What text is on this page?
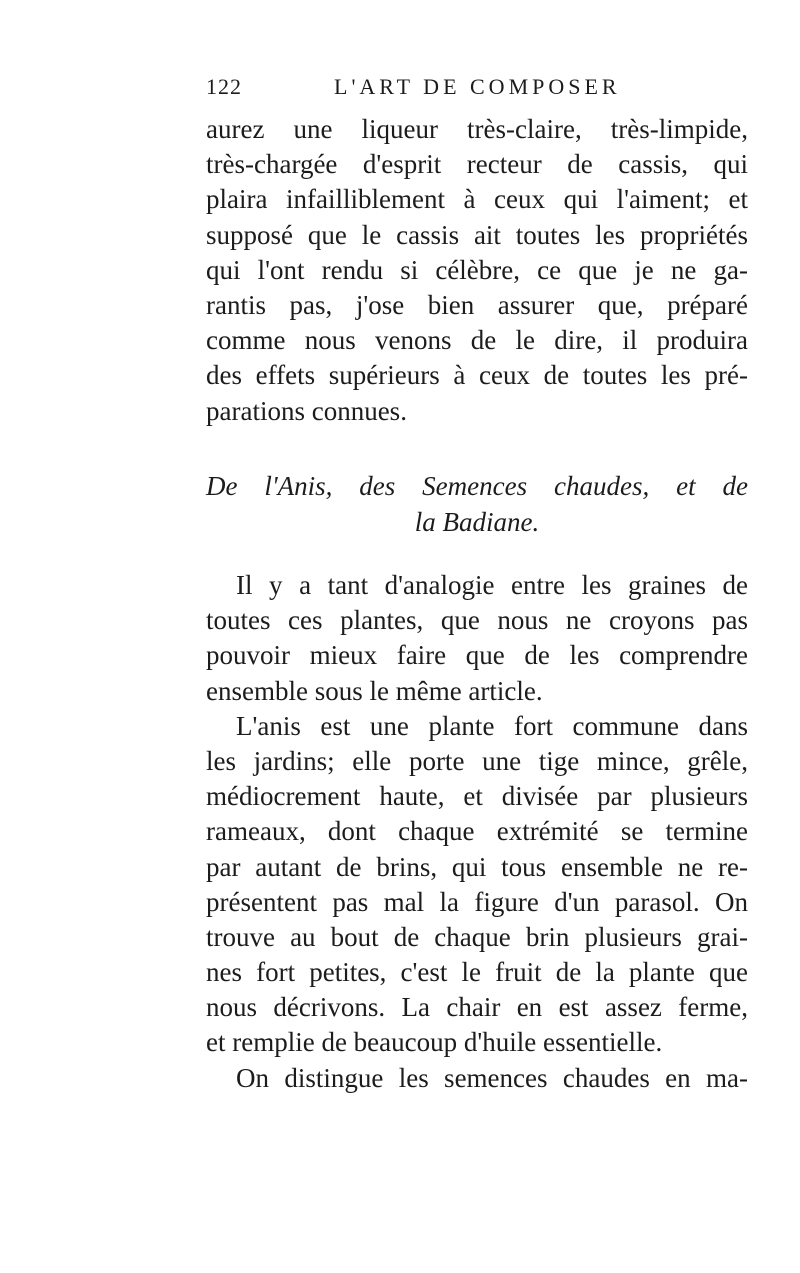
122	L'ART DE COMPOSER
aurez une liqueur très-claire, très-limpide,
très-chargée d'esprit recteur de cassis, qui
plaira infailliblement à ceux qui l'aiment; et
supposé que le cassis ait toutes les propriétés
qui l'ont rendu si célèbre, ce que je ne ga-
rantis pas, j'ose bien assurer que, préparé
comme nous venons de le dire, il produira
des effets supérieurs à ceux de toutes les pré-
parations connues.
De l'Anis, des Semences chaudes, et de
la Badiane.
Il y a tant d'analogie entre les graines de
toutes ces plantes, que nous ne croyons pas
pouvoir mieux faire que de les comprendre
ensemble sous le même article.
L'anis est une plante fort commune dans
les jardins; elle porte une tige mince, grêle,
médiocrement haute, et divisée par plusieurs
rameaux, dont chaque extrémité se termine
par autant de brins, qui tous ensemble ne re-
présentent pas mal la figure d'un parasol. On
trouve au bout de chaque brin plusieurs grai-
nes fort petites, c'est le fruit de la plante que
nous décrivons. La chair en est assez ferme,
et remplie de beaucoup d'huile essentielle.
On distingue les semences chaudes en ma-
